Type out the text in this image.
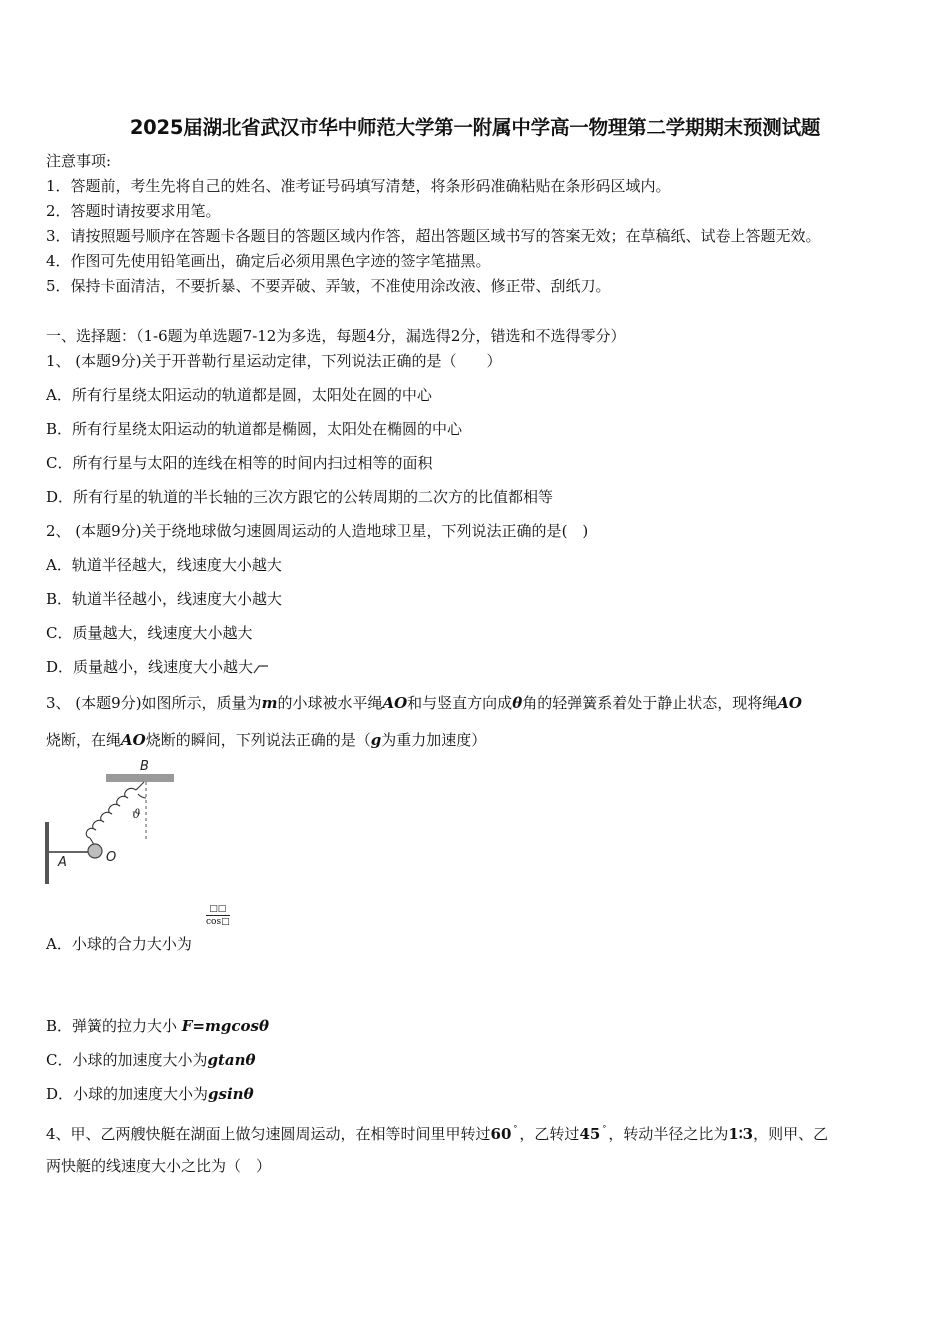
2025届湖北省武汉市华中师范大学第一附属中学高一物理第二学期期末预测试题
注意事项:
1．答题前，考生先将自己的姓名、准考证号码填写清楚，将条形码准确粘贴在条形码区域内。
2．答题时请按要求用笔。
3．请按照题号顺序在答题卡各题目的答题区域内作答，超出答题区域书写的答案无效；在草稿纸、试卷上答题无效。
4．作图可先使用铅笔画出，确定后必须用黑色字迹的签字笔描黑。
5．保持卡面清洁，不要折暴、不要弄破、弄皱，不准使用涂改液、修正带、刮纸刀。
一、选择题：（1-6题为单选题7-12为多选，每题4分，漏选得2分，错选和不选得零分）
1、 (本题9分)关于开普勒行星运动定律，下列说法正确的是（　　）
A．所有行星绕太阳运动的轨道都是圆，太阳处在圆的中心
B．所有行星绕太阳运动的轨道都是椭圆，太阳处在椭圆的中心
C．所有行星与太阳的连线在相等的时间内扫过相等的面积
D．所有行星的轨道的半长轴的三次方跟它的公转周期的二次方的比值都相等
2、 (本题9分)关于绕地球做匀速圆周运动的人造地球卫星，下列说法正确的是(　)
A．轨道半径越大，线速度大小越大
B．轨道半径越小，线速度大小越大
C．质量越大，线速度大小越大
D．质量越小，线速度大小越大
3、 (本题9分)如图所示，质量为m的小球被水平绳AO和与竖直方向成θ角的轻弹簧系着处于静止状态，现将绳AO
烧断，在绳AO烧断的瞬间，下列说法正确的是（g为重力加速度）
B
ϑ
A	O
□□
cos□
A．小球的合力大小为
B．弹簧的拉力大小 F=mgcosθ
C．小球的加速度大小为gtanθ
D．小球的加速度大小为gsinθ
4、甲、乙两艘快艇在湖面上做匀速圆周运动，在相等时间里甲转过60 ° ，乙转过45 ° ，转动半径之比为1∶3，则甲、乙
两快艇的线速度大小之比为（　）
